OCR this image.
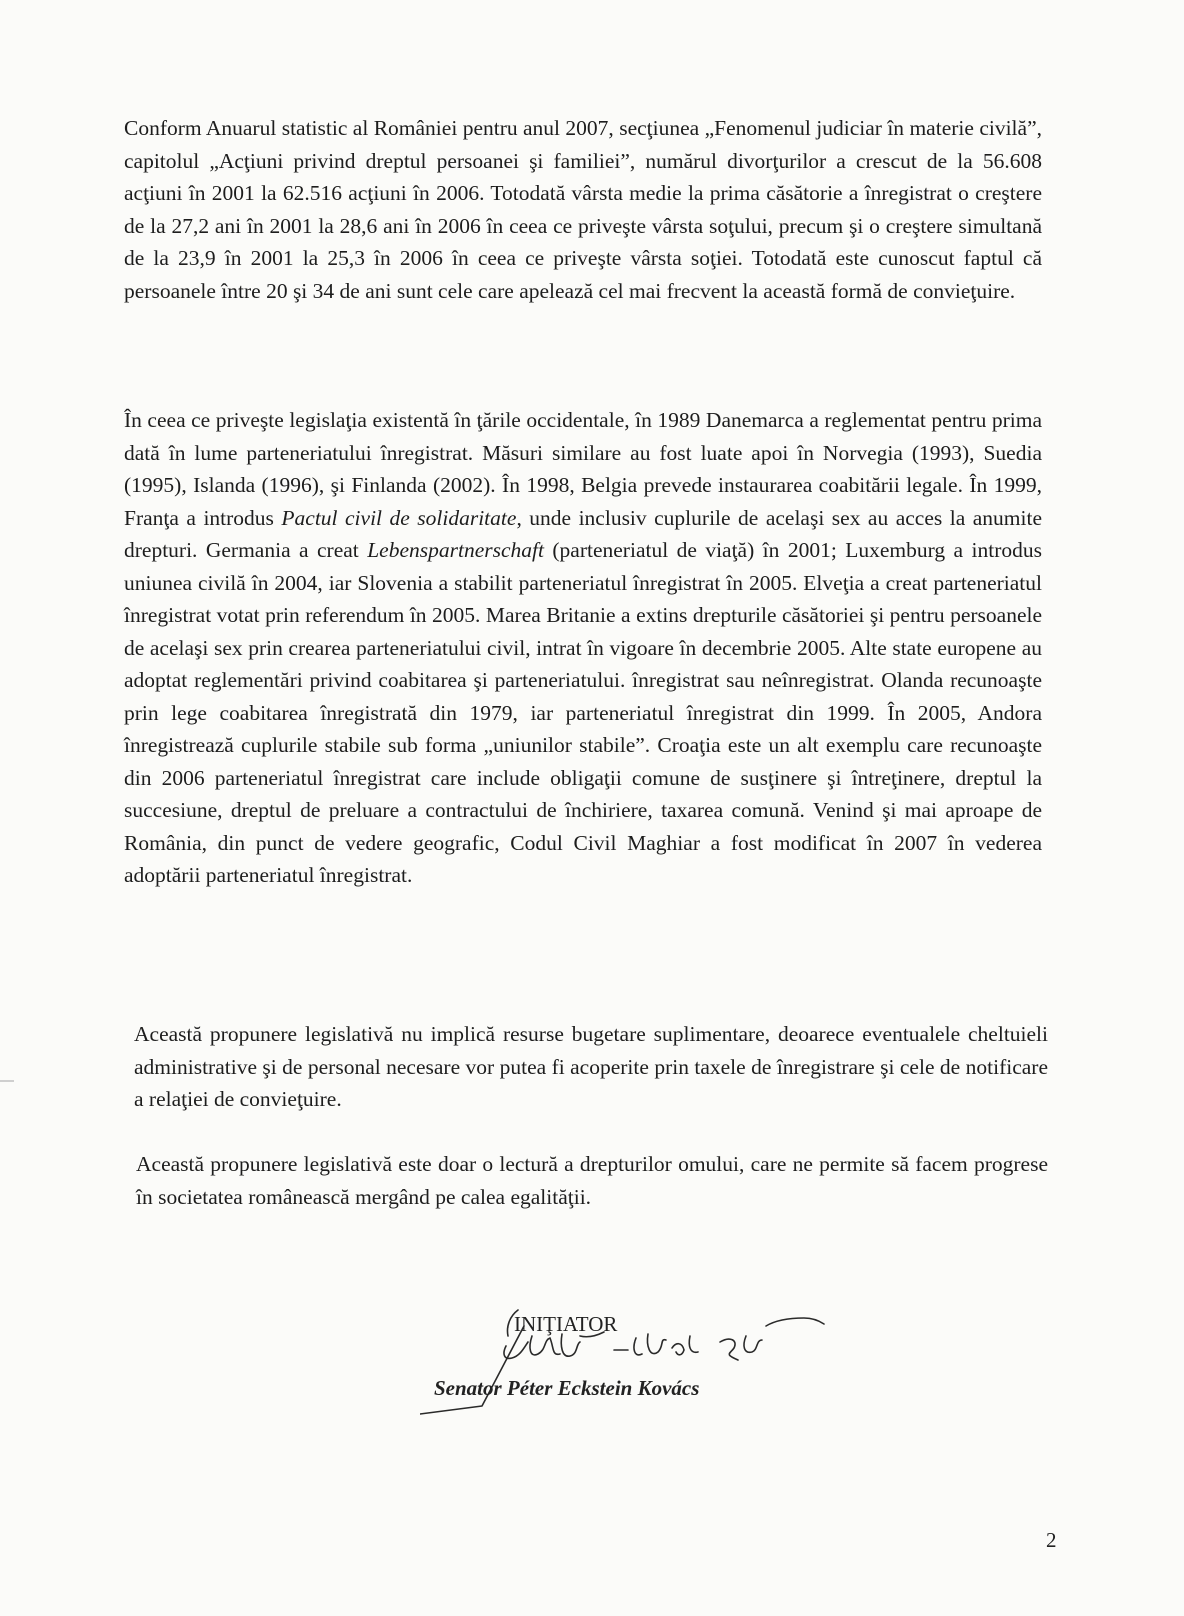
Conform Anuarul statistic al României pentru anul 2007, secţiunea „Fenomenul judiciar în materie civilă”, capitolul „Acţiuni privind dreptul persoanei şi familiei”, numărul divorţurilor a crescut de la 56.608 acţiuni în 2001 la 62.516 acţiuni în 2006. Totodată vârsta medie la prima căsătorie a înregistrat o creştere de la 27,2 ani în 2001 la 28,6 ani în 2006 în ceea ce priveşte vârsta soţului, precum şi o creştere simultană de la 23,9 în 2001 la 25,3 în 2006 în ceea ce priveşte vârsta soţiei. Totodată este cunoscut faptul că persoanele între 20 şi 34 de ani sunt cele care apelează cel mai frecvent la această formă de convieţuire.

În ceea ce priveşte legislaţia existentă în ţările occidentale, în 1989 Danemarca a reglementat pentru prima dată în lume parteneriatului înregistrat. Măsuri similare au fost luate apoi în Norvegia (1993), Suedia (1995), Islanda (1996), şi Finlanda (2002). În 1998, Belgia prevede instaurarea coabitării legale. În 1999, Franţa a introdus Pactul civil de solidaritate, unde inclusiv cuplurile de acelaşi sex au acces la anumite drepturi. Germania a creat Lebenspartnerschaft (parteneriatul de viaţă) în 2001; Luxemburg a introdus uniunea civilă în 2004, iar Slovenia a stabilit parteneriatul înregistrat în 2005. Elveţia a creat parteneriatul înregistrat votat prin referendum în 2005. Marea Britanie a extins drepturile căsătoriei şi pentru persoanele de acelaşi sex prin crearea parteneriatului civil, intrat în vigoare în decembrie 2005. Alte state europene au adoptat reglementări privind coabitarea şi parteneriatului. înregistrat sau neînregistrat. Olanda recunoaşte prin lege coabitarea înregistrată din 1979, iar parteneriatul înregistrat din 1999. În 2005, Andora înregistrează cuplurile stabile sub forma „uniunilor stabile”. Croaţia este un alt exemplu care recunoaşte din 2006 parteneriatul înregistrat care include obligaţii comune de susţinere şi întreţinere, dreptul la succesiune, dreptul de preluare a contractului de închiriere, taxarea comună. Venind şi mai aproape de România, din punct de vedere geografic, Codul Civil Maghiar a fost modificat în 2007 în vederea adoptării parteneriatul înregistrat.

Această propunere legislativă nu implică resurse bugetare suplimentare, deoarece eventualele cheltuieli administrative şi de personal necesare vor putea fi acoperite prin taxele de înregistrare şi cele de notificare a relaţiei de convieţuire.

Această propunere legislativă este doar o lectură a drepturilor omului, care ne permite să facem progrese în societatea românească mergând pe calea egalităţii.

INIŢIATOR
Senator Péter Eckstein Kovács
2
